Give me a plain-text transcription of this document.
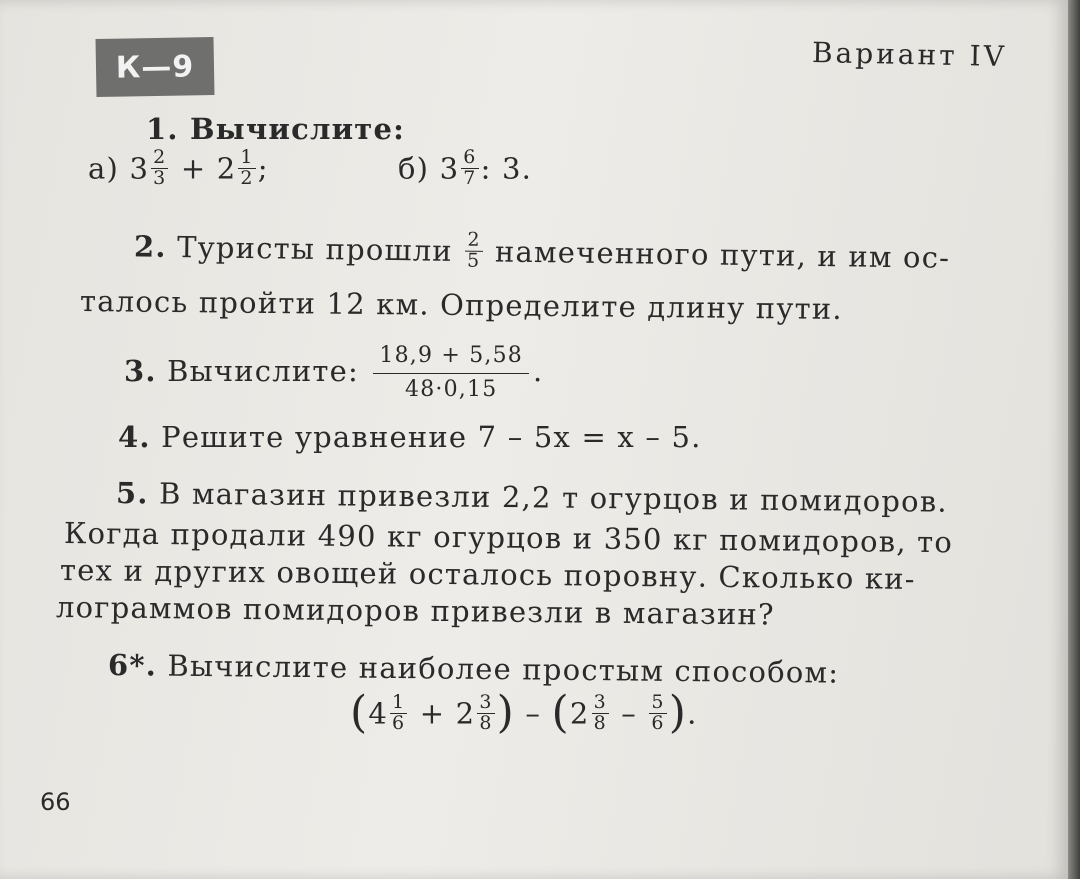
К—9	Вариант IV
1. Вычислите:
а) $3 \frac{2}{3} + 2 \frac{1}{2}$ ;	б) $3 \frac{6}{7}$ : 3.
2. Туристы прошли $\frac{2}{5}$ намеченного пути, и им ос-
талось пройти 12 км. Определите длину пути.
3. Вычислите: $\frac{18,9 + 5,58}{48\cdot 0,15}$ .
4. Решите уравнение 7 – 5x = x – 5.
5. В магазин привезли 2,2 т огурцов и помидоров.
Когда продали 490 кг огурцов и 350 кг помидоров, то
тех и других овощей осталось поровну. Сколько ки-
лограммов помидоров привезли в магазин?
6*. Вычислите наиболее простым способом:
($4 \frac{1}{6} + 2 \frac{3}{8}$ ) – ($2 \frac{3}{8} - \frac{5}{6}$ ).
66
